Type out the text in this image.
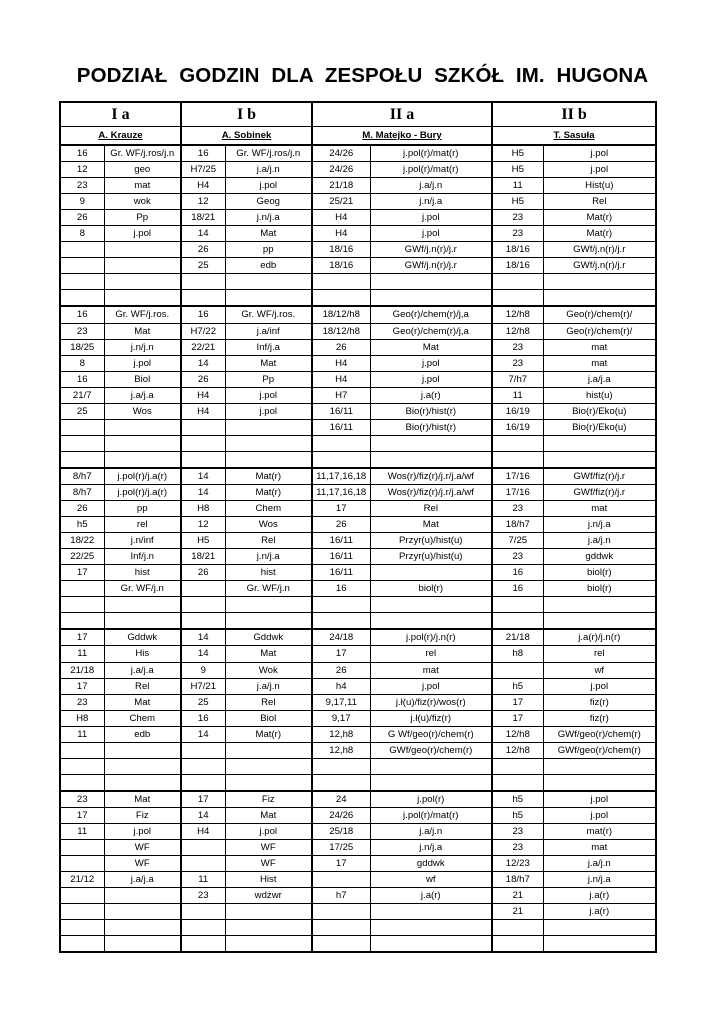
PODZIAŁ GODZIN DLA ZESPOŁU SZKÓŁ IM. HUGONA
I a		I b		II a		II b	
A. Krauze		A. Sobinek		M. Matejko - Bury		T. Sasuła	
16	Gr. WF/j.ros/j.n	16	Gr. WF/j.ros/j.n	24/26	j.pol(r)/mat(r)	H5	j.pol
12	geo	H7/25	j.a/j.n	24/26	j.pol(r)/mat(r)	H5	j.pol
23	mat	H4	j.pol	21/18	j.a/j.n	11	Hist(u)
9	wok	12	Geog	25/21	j.n/j.a	H5	Rel
26	Pp	18/21	j.n/j.a	H4	j.pol	23	Mat(r)
8	j.pol	14	Mat	H4	j.pol	23	Mat(r)
		26	pp	18/16	GWf/j.n(r)/j.r	18/16	GWf/j.n(r)/j.r
		25	edb	18/16	GWf/j.n(r)/j.r	18/16	GWf/j.n(r)/j.r

16	Gr. WF/j.ros.	16	Gr. WF/j.ros.	18/12/h8	Geo(r)/chem(r)/j,a	12/h8	Geo(r)/chem(r)/
23	Mat	H7/22	j.a/inf	18/12/h8	Geo(r)/chem(r)/j,a	12/h8	Geo(r)/chem(r)/
18/25	j.n/j.n	22/21	Inf/j.a	26	Mat	23	mat
8	j.pol	14	Mat	H4	j.pol	23	mat
16	Biol	26	Pp	H4	j.pol	7/h7	j.a/j.a
21/7	j.a/j.a	H4	j.pol	H7	j.a(r)	11	hist(u)
25	Wos	H4	j.pol	16/11	Bio(r)/hist(r)	16/19	Bio(r)/Eko(u)
				16/11	Bio(r)/hist(r)	16/19	Bio(r)/Eko(u)

8/h7	j.pol(r)/j.a(r)	14	Mat(r)	11,17,16,18	Wos(r)/fiz(r)/j.r/j.a/wf	17/16	GWf/fiz(r)/j.r
8/h7	j.pol(r)/j.a(r)	14	Mat(r)	11,17,16,18	Wos(r)/fiz(r)/j.r/j.a/wf	17/16	GWf/fiz(r)/j.r
26	pp	H8	Chem	17	Rel	23	mat
h5	rel	12	Wos	26	Mat	18/h7	j.n/j.a
18/22	j.n/inf	H5	Rel	16/11	Przyr(u)/hist(u)	7/25	j.a/j.n
22/25	Inf/j.n	18/21	j.n/j.a	16/11	Przyr(u)/hist(u)	23	gddwk
17	hist	26	hist	16/11		16	biol(r)
	Gr. WF/j.n		Gr. WF/j.n	16	biol(r)	16	biol(r)

17	Gddwk	14	Gddwk	24/18	j.pol(r)/j.n(r)	21/18	j.a(r)/j.n(r)
11	His	14	Mat	17	rel	h8	rel
21/18	j.a/j.a	9	Wok	26	mat		wf
17	Rel	H7/21	j.a/j.n	h4	j.pol	h5	j.pol
23	Mat	25	Rel	9,17,11	j.ł(u)/fiz(r)/wos(r)	17	fiz(r)
H8	Chem	16	Biol	9,17	j.ł(u)/fiz(r)	17	fiz(r)
11	edb	14	Mat(r)	12,h8	G Wf/geo(r)/chem(r)	12/h8	GWf/geo(r)/chem(r)
				12,h8	GWf/geo(r)/chem(r)	12/h8	GWf/geo(r)/chem(r)

23	Mat	17	Fiz	24	j.pol(r)	h5	j.pol
17	Fiz	14	Mat	24/26	j.pol(r)/mat(r)	h5	j.pol
11	j.pol	H4	j.pol	25/18	j.a/j.n	23	mat(r)
	WF		WF	17/25	j.n/j.a	23	mat
	WF		WF	17	gddwk	12/23	j.a/j.n
21/12	j.a/j.a	11	Hist		wf	18/h7	j.n/j.a
		23	wdżwr	h7	j.a(r)	21	j.a(r)
						21	j.a(r)
